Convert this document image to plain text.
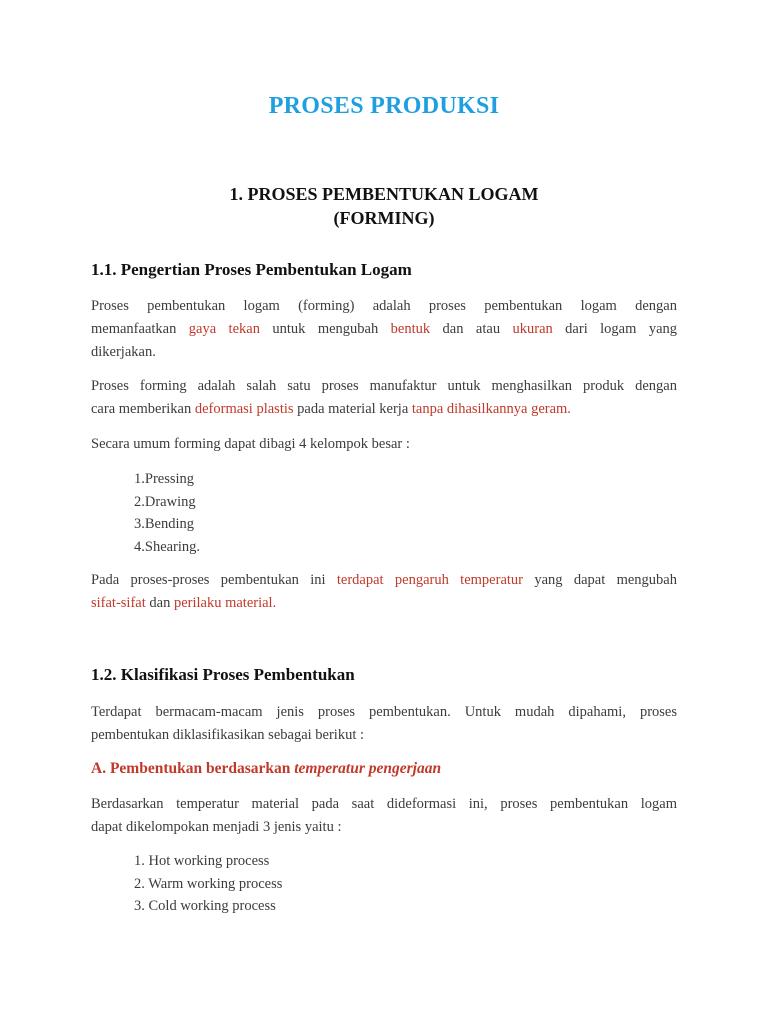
PROSES PRODUKSI
1. PROSES PEMBENTUKAN LOGAM
(FORMING)
1.1. Pengertian Proses Pembentukan Logam
Proses pembentukan logam (forming) adalah proses pembentukan logam dengan
memanfaatkan gaya tekan untuk mengubah bentuk dan atau ukuran dari logam yang
dikerjakan.
Proses forming adalah salah satu proses manufaktur untuk menghasilkan produk dengan
cara memberikan deformasi plastis pada material kerja tanpa dihasilkannya geram.
Secara umum forming dapat dibagi 4 kelompok besar :
1.Pressing
2.Drawing
3.Bending
4.Shearing.
Pada proses-proses pembentukan ini terdapat pengaruh temperatur yang dapat mengubah
sifat-sifat dan perilaku material.
1.2. Klasifikasi Proses Pembentukan
Terdapat bermacam-macam jenis proses pembentukan. Untuk mudah dipahami, proses
pembentukan diklasifikasikan sebagai berikut :
A. Pembentukan berdasarkan temperatur pengerjaan
Berdasarkan temperatur material pada saat dideformasi ini, proses pembentukan logam
dapat dikelompokan menjadi 3 jenis yaitu :
1. Hot working process
2. Warm working process
3. Cold working process
